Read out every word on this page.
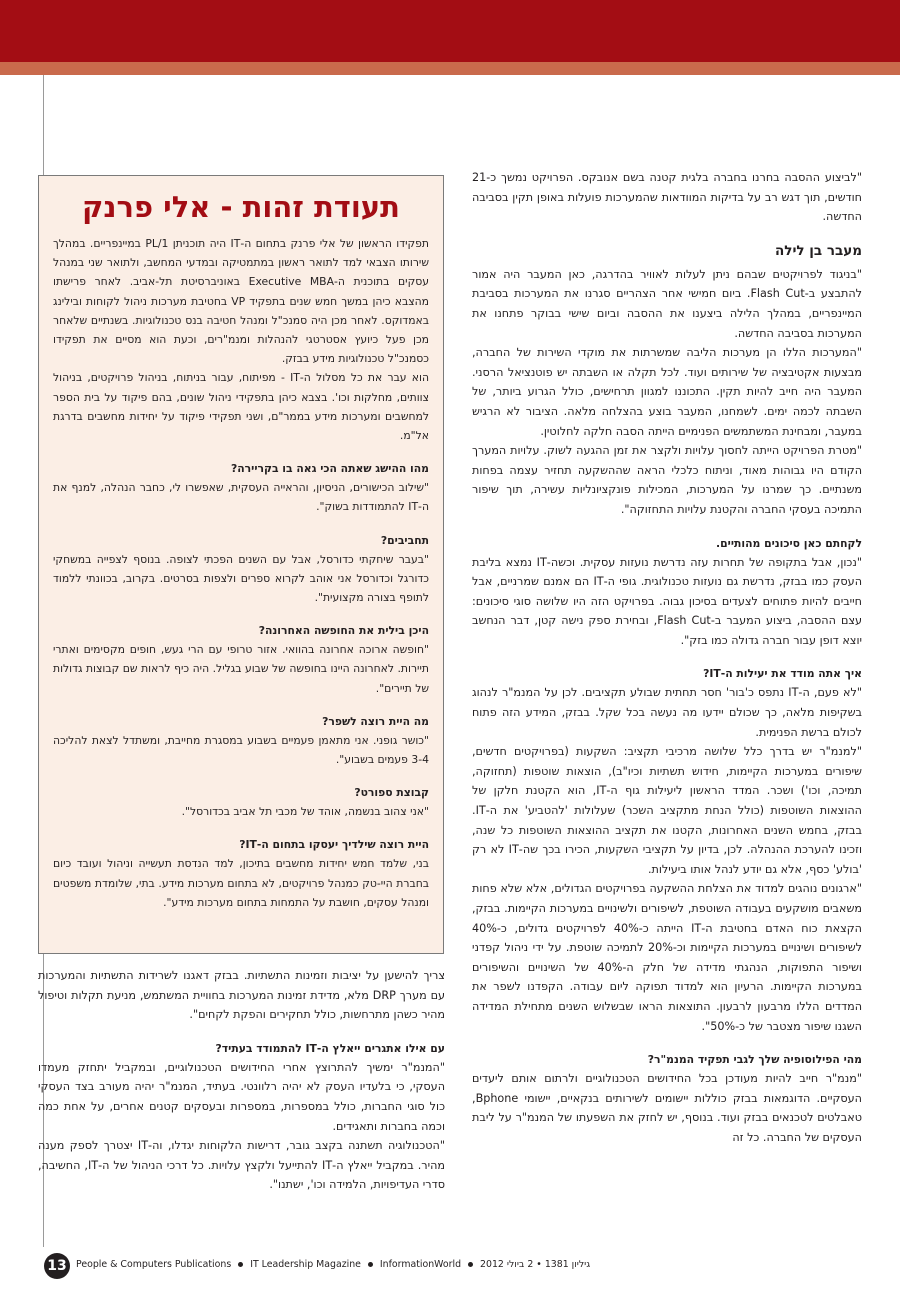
"לביצוע ההסבה בחרנו בחברה בלגית קטנה בשם אנובקס. הפרויקט נמשך כ-21 חודשים, תוך דגש רב על בדיקות המוודאות שהמערכות פועלות באופן תקין בסביבה החדשה.

מעבר בן לילה

"בניגוד לפרויקטים שבהם ניתן לעלות לאוויר בהדרגה, כאן המעבר היה אמור להתבצע ב-Flash Cut. ביום חמישי אחר הצהריים סגרנו את המערכות בסביבת המיינפריים, במהלך הלילה ביצענו את ההסבה וביום שישי בבוקר פתחנו את המערכות בסביבה החדשה.

"המערכות הללו הן מערכות הליבה שמשרתות את מוקדי השירות של החברה, מבצעות אקטיבציה של שירותים ועוד. לכל תקלה או השבתה יש פוטנציאל הרסני. המעבר היה חייב להיות תקין. התכוננו למגוון תרחישים, כולל הגרוע ביותר, של השבתה לכמה ימים. לשמחנו, המעבר בוצע בהצלחה מלאה. הציבור לא הרגיש במעבר, ומבחינת המשתמשים הפנימיים הייתה הסבה חלקה לחלוטין.

"מטרת הפרויקט הייתה לחסוך עלויות ולקצר את זמן ההגעה לשוק. עלויות המערך הקודם היו גבוהות מאוד, וניתוח כלכלי הראה שההשקעה תחזיר עצמה בפחות משנתיים. כך שמרנו על המערכות, המכילות פונקציונליות עשירה, תוך שיפור התמיכה בעסקי החברה והקטנת עלויות התחזוקה".

לקחתם כאן סיכונים מהותיים.

"נכון, אבל בתקופה של תחרות עזה נדרשת נועזות עסקית. וכשה-IT נמצא בליבת העסק כמו בבזק, נדרשת גם נועזות טכנולוגית. גופי ה-IT הם אמנם שמרניים, אבל חייבים להיות פתוחים לצעדים בסיכון גבוה. בפרויקט הזה היו שלושה סוגי סיכונים: עצם ההסבה, ביצוע המעבר ב-Flash Cut, ובחירת ספק נישה קטן, דבר הנחשב יוצא דופן עבור חברה גדולה כמו בזק".

איך אתה מודד את יעילות ה-IT?

"לא פעם, ה-IT נתפס כ'בור' חסר תחתית שבולע תקציבים. לכן על המנמ"ר לנהוג בשקיפות מלאה, כך שכולם יידעו מה נעשה בכל שקל. בבזק, המידע הזה פתוח לכולם ברשת הפנימית.

"למנמ"ר יש בדרך כלל שלושה מרכיבי תקציב: השקעות (בפרויקטים חדשים, שיפורים במערכות הקיימות, חידוש תשתיות וכיו"ב), הוצאות שוטפות (תחזוקה, תמיכה, וכו') ושכר. המדד הראשון ליעילות גוף ה-IT, הוא הקטנת חלקן של ההוצאות השוטפות (כולל הנחת מתקציב השכר) שעלולות 'להטביע' את ה-IT. בבזק, בחמש השנים האחרונות, הקטנו את תקציב ההוצאות השוטפות כל שנה, וזכינו להערכת ההנהלה. לכן, בדיון על תקציבי השקעות, הכירו בכך שה-IT לא רק 'בולע' כסף, אלא גם יודע לנהל אותו ביעילות.

"ארגונים נוהגים למדוד את הצלחת ההשקעה בפרויקטים הגדולים, אלא שלא פחות משאבים מושקעים בעבודה השוטפת, לשיפורים ולשינויים במערכות הקיימות. בבזק, הקצאת כוח האדם בחטיבת ה-IT הייתה כ-40% לפרויקטים גדולים, כ-40% לשיפורים ושינויים במערכות הקיימות וכ-20% לתמיכה שוטפת. על ידי ניהול קפדני ושיפור התפוקות, הנהגתי מדידה של חלק ה-40% של השינויים והשיפורים במערכות הקיימות. הרעיון הוא למדוד תפוקה ליום עבודה. הקפדנו לשפר את המדדים הללו מרבעון לרבעון. התוצאות הראו שבשלוש השנים מתחילת המדידה השגנו שיפור מצטבר של כ-50%".

מהי הפילוסופיה שלך לגבי תפקיד המנמ"ר?

"מנמ"ר חייב להיות מעודכן בכל החידושים הטכנולוגיים ולרתום אותם ליעדים העסקיים. הדוגמאות בבזק כוללות יישומים לשירותים בנקאיים, יישומי Bphone, טאבלטים לטכנאים בבזק ועוד. בנוסף, יש לחזק את השפעתו של המנמ"ר על ליבת העסקים של החברה. כל זה

תעודת זהות - אלי פרנק

תפקידו הראשון של אלי פרנק בתחום ה-IT היה תוכניתן PL/1 במיינפריים. במהלך שירותו הצבאי למד לתואר ראשון במתמטיקה ובמדעי המחשב, ולתואר שני במנהל עסקים בתוכנית ה-Executive MBA באוניברסיטת תל-אביב. לאחר פרישתו מהצבא כיהן במשך חמש שנים בתפקיד VP בחטיבת מערכות ניהול לקוחות ובילינג באמדוקס. לאחר מכן היה סמנכ"ל ומנהל חטיבה בנס טכנולוגיות. בשנתיים שלאחר מכן פעל כיועץ אסטרטגי להנהלות ומנמ"רים, וכעת הוא מסיים את תפקידו כסמנכ"ל טכנולוגיות מידע בבזק.

הוא עבר את כל מסלול ה-IT - מפיתוח, עבור בניתוח, בניהול פרויקטים, בניהול צוותים, מחלקות וכו'. בצבא כיהן בתפקידי ניהול שונים, בהם פיקוד על בית הספר למחשבים ומערכות מידע בממר"ם, ושני תפקידי פיקוד על יחידות מחשבים בדרגת אל"מ.

מהו ההישג שאתה הכי גאה בו בקריירה?

"שילוב הכישורים, הניסיון, והראייה העסקית, שאפשרו לי, כחבר הנהלה, למנף את ה-IT להתמודדות בשוק".

תחביבים?

"בעבר שיחקתי כדורסל, אבל עם השנים הפכתי לצופה. בנוסף לצפייה במשחקי כדורגל וכדורסל אני אוהב לקרוא ספרים ולצפות בסרטים. בקרוב, בכוונתי ללמוד לתופף בצורה מקצועית".

היכן בילית את החופשה האחרונה?

"חופשה ארוכה אחרונה בהוואי. אזור טרופי עם הרי געש, חופים מקסימים ואתרי תיירות. לאחרונה היינו בחופשה של שבוע בגליל. היה כיף לראות שם קבוצות גדולות של תיירים".

מה היית רוצה לשפר?

"כושר גופני. אני מתאמן פעמיים בשבוע במסגרת מחייבת, ומשתדל לצאת להליכה 3-4 פעמים בשבוע".

קבוצת ספורט?

"אני צהוב בנשמה, אוהד של מכבי תל אביב בכדורסל".

היית רוצה שילדיך יעסקו בתחום ה-IT?

בני, שלמד חמש יחידות מחשבים בתיכון, למד הנדסת תעשייה וניהול ועובד כיום בחברת היי-טק כמנהל פרויקטים, לא בתחום מערכות מידע. בתי, שלומדת משפטים ומנהל עסקים, חושבת על התמחות בתחום מערכות מידע".

צריך להישען על יציבות וזמינות התשתיות. בבזק דאגנו לשרידות התשתיות והמערכות עם מערך DRP מלא, מדידת זמינות המערכות בחוויית המשתמש, מניעת תקלות וטיפול מהיר כשהן מתרחשות, כולל תחקירים והפקת לקחים".

עם אילו אתגרים ייאלץ ה-IT להתמודד בעתיד?

"המנמ"ר ימשיך להתרוצץ אחרי החידושים הטכנולוגיים, ובמקביל יתחזק מעמדו העסקי, כי בלעדיו העסק לא יהיה רלוונטי. בעתיד, המנמ"ר יהיה מעורב בצד העסקי כול סוגי החברות, כולל במספרות, במספרות ובעסקים קטנים אחרים, על אחת כמה וכמה בחברות ותאגידים.

"הטכנולוגיה תשתנה בקצב גובר, דרישות הלקוחות יגדלו, וה-IT יצטרך לספק מענה מהיר. במקביל ייאלץ ה-IT להתייעל ולקצץ עלויות. כל דרכי הניהול של ה-IT, החשיבה, סדרי העדיפויות, הלמידה וכו', ישתנו".

13 People & Computers Publications IT Leadership Magazine InformationWorld גיליון 1381 • 2 ביולי 2012
